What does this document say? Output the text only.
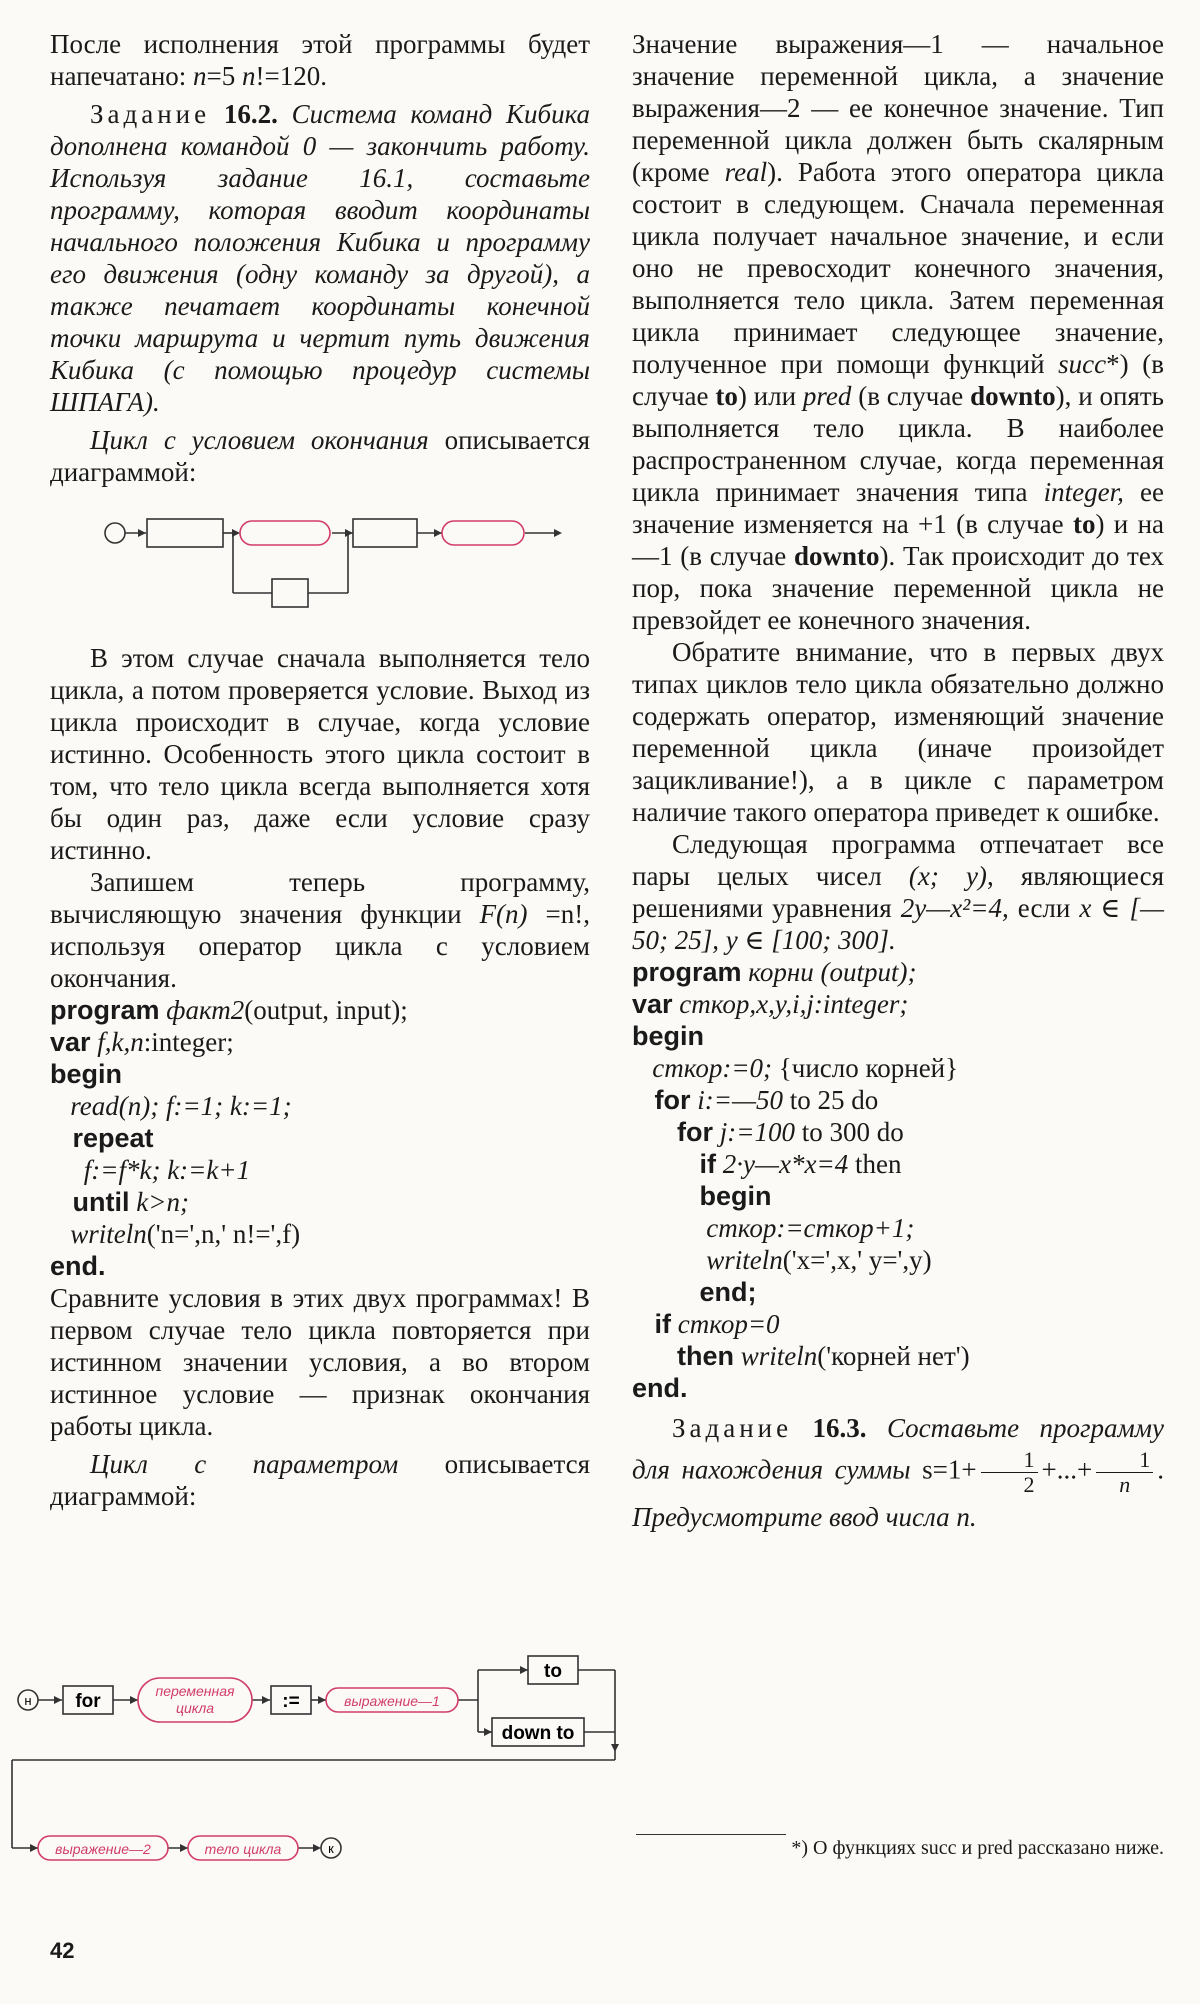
После исполнения этой программы будет напечатано: n=5 n!=120.

Задание 16.2. Система команд Кибика дополнена командой 0 — закончить работу. Используя задание 16.1, составьте программу, которая вводит координаты начального положения Кибика и программу его движения (одну команду за другой), а также печатает координаты конечной точки маршрута и чертит путь движения Кибика (с помощью процедур системы ШПАГА).

Цикл с условием окончания описывается диаграммой:

В этом случае сначала выполняется тело цикла, а потом проверяется условие. Выход из цикла происходит в случае, когда условие истинно. Особенность этого цикла состоит в том, что тело цикла всегда выполняется хотя бы один раз, даже если условие сразу истинно.

Запишем теперь программу, вычисляющую значения функции F(n) =n!, используя оператор цикла с условием окончания.

program факт2(output, input);
var f,k,n:integer;
begin
read(n); f:=1; k:=1;
repeat
f:=f*k; k:=k+1
until k>n;
writeln('n=',n,' n!=',f)
end.

Сравните условия в этих двух программах! В первом случае тело цикла повторяется при истинном значении условия, а во втором истинное условие — признак окончания работы цикла.

Цикл с параметром описывается диаграммой:

н for	переменная
цикла	:=	выражение—1
to
down to
выражение—2	тело цикла	к

Значение выражения—1 — начальное значение переменной цикла, а значение выражения—2 — ее конечное значение. Тип переменной цикла должен быть скалярным (кроме real). Работа этого оператора цикла состоит в следующем. Сначала переменная цикла получает начальное значение, и если оно не превосходит конечного значения, выполняется тело цикла. Затем переменная цикла принимает следующее значение, полученное при помощи функций succ*) (в случае to) или pred (в случае downto), и опять выполняется тело цикла. В наиболее распространенном случае, когда переменная цикла принимает значения типа integer, ее значение изменяется на +1 (в случае to) и на —1 (в случае downto). Так происходит до тех пор, пока значение переменной цикла не превзойдет ее конечного значения.

Обратите внимание, что в первых двух типах циклов тело цикла обязательно должно содержать оператор, изменяющий значение переменной цикла (иначе произойдет зацикливание!), а в цикле с параметром наличие такого оператора приведет к ошибке.

Следующая программа отпечатает все пары целых чисел (x; y), являющиеся решениями уравнения 2y—x²=4, если x ∈ [—50; 25], y ∈ [100; 300].

program корни (output);
var сткор,x,y,i,j:integer;
begin
сткор:=0; {число корней}
for i:=—50 to 25 do
for j:=100 to 300 do
if 2·y—x*x=4 then
begin
сткор:=сткор+1;
writeln('x=',x,' y=',y)
end;
if сткор=0
then writeln('корней нет')
end.

Задание 16.3. Составьте программу для нахождения суммы $s=1+ \frac{1}{2}$ +...+ $\frac{1}{n}$ . Предусмотрите ввод числа n.

*) О функциях succ и pred рассказано ниже.
42
